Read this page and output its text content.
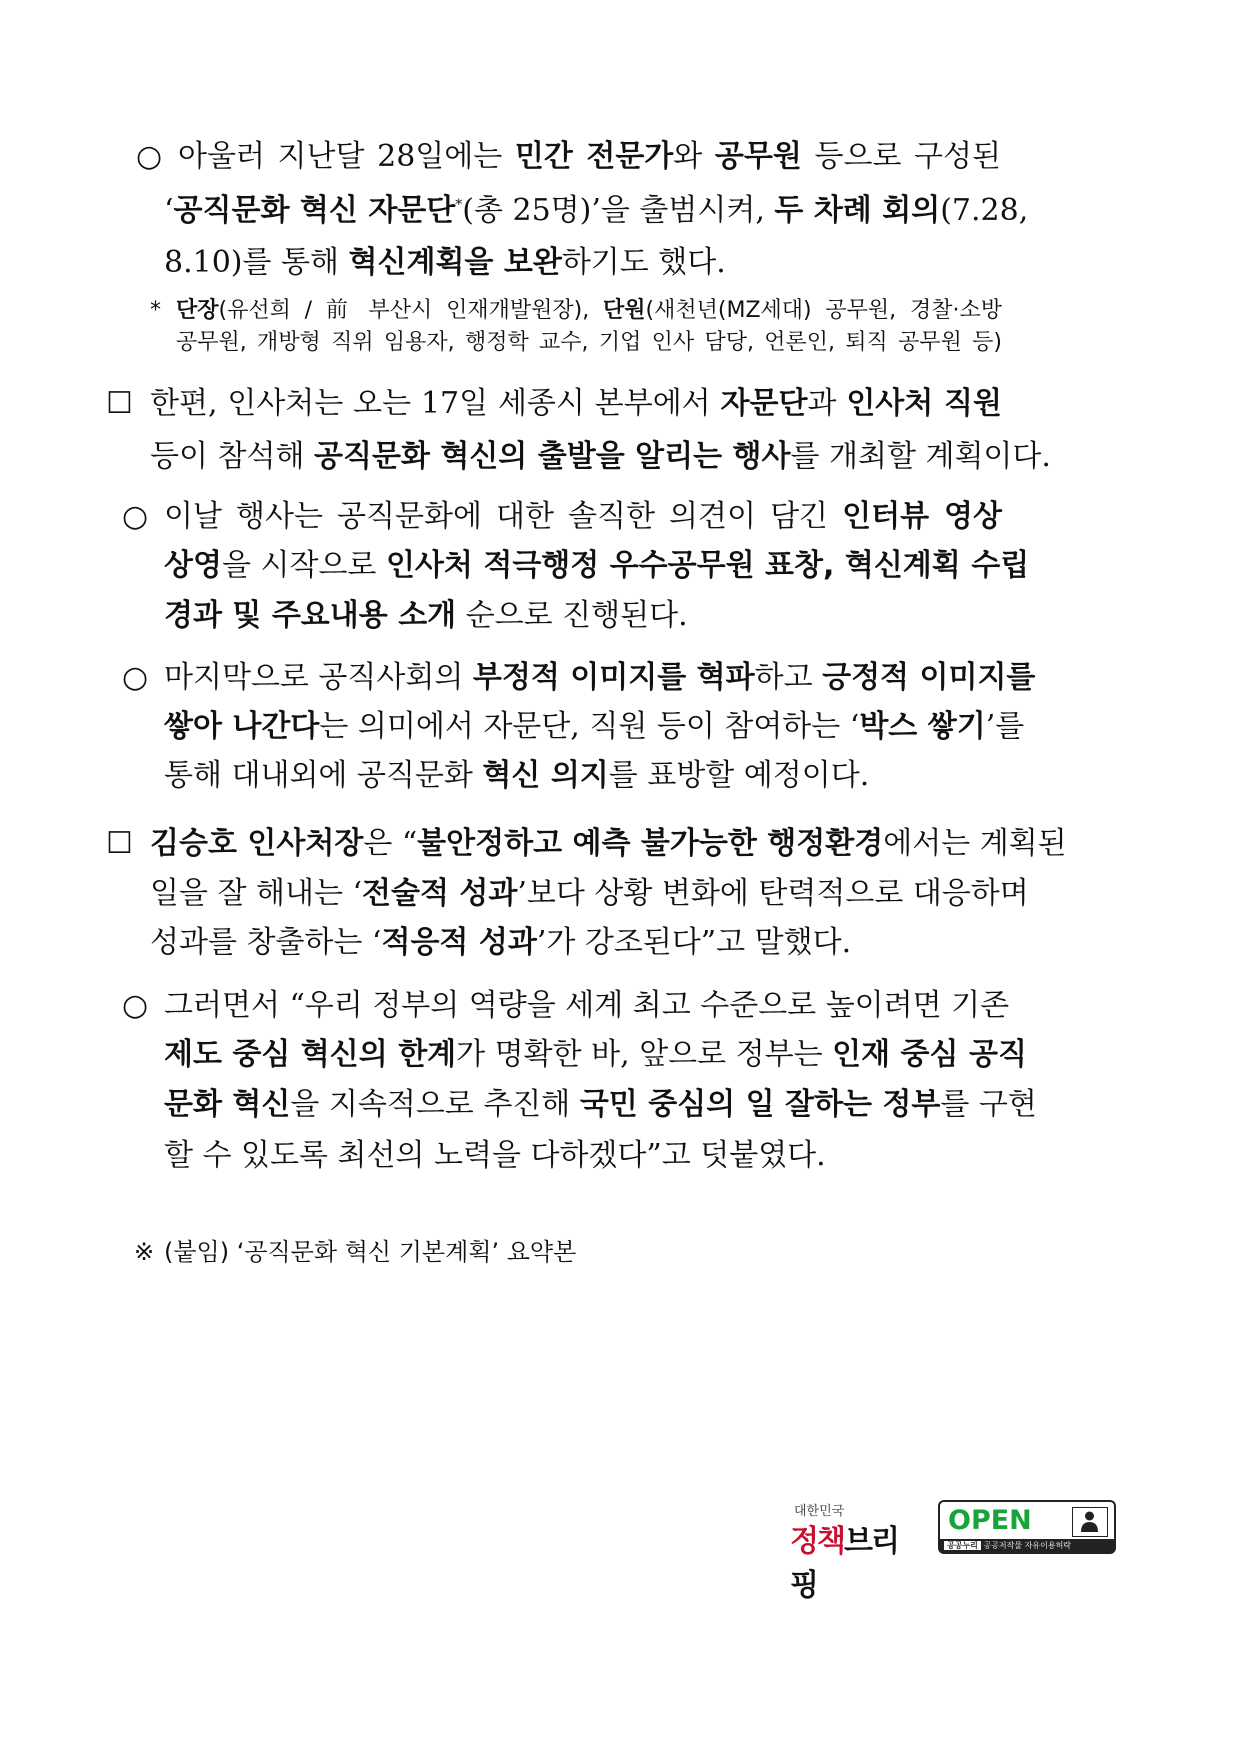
○ 아울러 지난달 28일에는 민간 전문가와 공무원 등으로 구성된
‘공직문화 혁신 자문단*(총 25명)’을 출범시켜, 두 차례 회의(7.28,
8.10)를 통해 혁신계획을 보완하기도 했다.
* 단장(유선희 / 前 부산시 인재개발원장), 단원(새천년(MZ세대) 공무원, 경찰·소방
공무원, 개방형 직위 임용자, 행정학 교수, 기업 인사 담당, 언론인, 퇴직 공무원 등)
☐ 한편, 인사처는 오는 17일 세종시 본부에서 자문단과 인사처 직원
등이 참석해 공직문화 혁신의 출발을 알리는 행사를 개최할 계획이다.
○ 이날 행사는 공직문화에 대한 솔직한 의견이 담긴 인터뷰 영상
상영을 시작으로 인사처 적극행정 우수공무원 표창, 혁신계획 수립
경과 및 주요내용 소개 순으로 진행된다.
○ 마지막으로 공직사회의 부정적 이미지를 혁파하고 긍정적 이미지를
쌓아 나간다는 의미에서 자문단, 직원 등이 참여하는 ‘박스 쌓기’를
통해 대내외에 공직문화 혁신 의지를 표방할 예정이다.
☐ 김승호 인사처장은 “불안정하고 예측 불가능한 행정환경에서는 계획된
일을 잘 해내는 ‘전술적 성과’보다 상황 변화에 탄력적으로 대응하며
성과를 창출하는 ‘적응적 성과’가 강조된다”고 말했다.
○ 그러면서 “우리 정부의 역량을 세계 최고 수준으로 높이려면 기존
제도 중심 혁신의 한계가 명확한 바, 앞으로 정부는 인재 중심 공직
문화 혁신을 지속적으로 추진해 국민 중심의 일 잘하는 정부를 구현
할 수 있도록 최선의 노력을 다하겠다”고 덧붙였다.
※ (붙임) ‘공직문화 혁신 기본계획’ 요약본
대한민국
정책브리핑
OPEN
공공누리 공공저작물 자유이용허락
